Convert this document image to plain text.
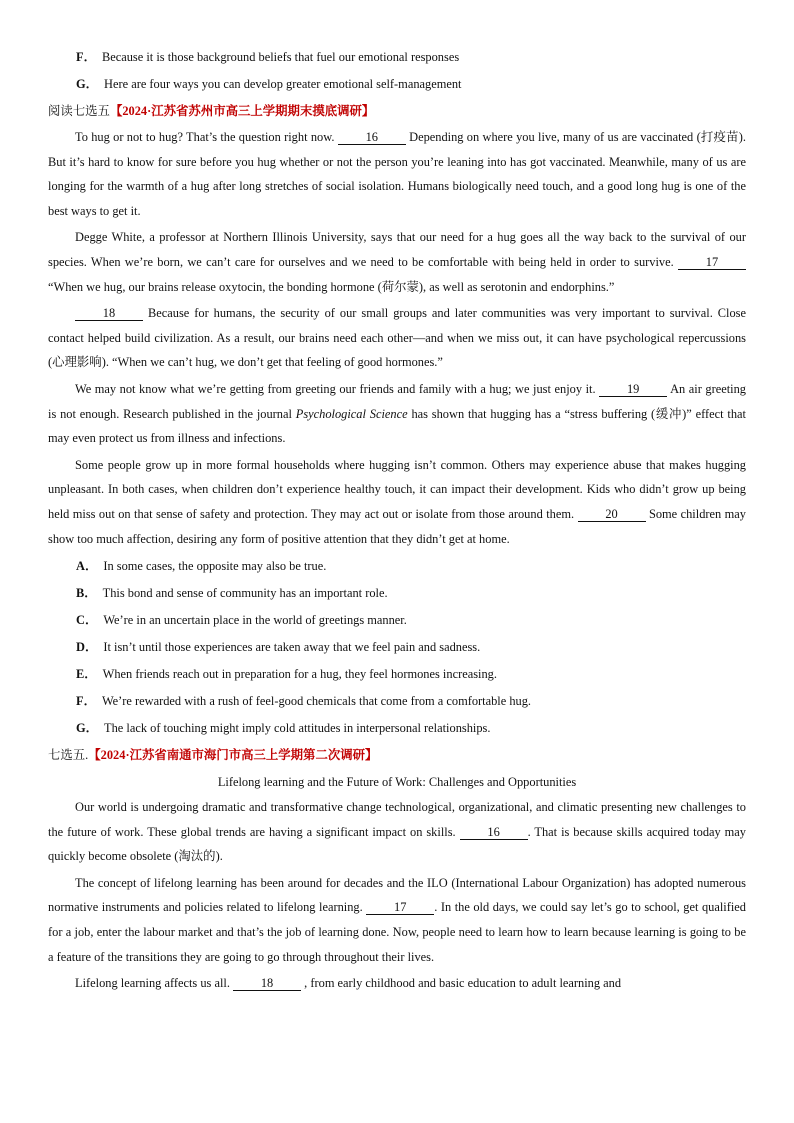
F． Because it is those background beliefs that fuel our emotional responses
G． Here are four ways you can develop greater emotional self-management
阅读七选五【2024·江苏省苏州市高三上学期期末摸底调研】

To hug or not to hug? That’s the question right now.	16	Depending on where you live, many of us are vaccinated (打疫苗). But it’s hard to know for sure before you hug whether or not the person you’re leaning into has got vaccinated. Meanwhile, many of us are longing for the warmth of a hug after long stretches of social isolation. Humans biologically need touch, and a good long hug is one of the best ways to get it.

Degge White, a professor at Northern Illinois University, says that our need for a hug goes all the way back to the survival of our species. When we’re born, we can’t care for ourselves and we need to be comfortable with being held in order to survive.	17 “When we hug, our brains release oxytocin, the bonding hormone (荷尔蒙), as well as serotonin and endorphins.”

18	Because for humans, the security of our small groups and later communities was very important to survival. Close contact helped build civilization. As a result, our brains need each other—and when we miss out, it can have psychological repercussions (心理影响). “When we can’t hug, we don’t get that feeling of good hormones.”

We may not know what we’re getting from greeting our friends and family with a hug; we just enjoy it.	19 An air greeting is not enough. Research published in the journal Psychological Science has shown that hugging has a “stress buffering (缓冲)” effect that may even protect us from illness and infections.

Some people grow up in more formal households where hugging isn’t common. Others may experience abuse that makes hugging unpleasant. In both cases, when children don’t experience healthy touch, it can impact their development. Kids who didn’t grow up being held miss out on that sense of safety and protection. They may act out or isolate from those around them.	20	Some children may show too much affection, desiring any form of positive attention that they didn’t get at home.

A． In some cases, the opposite may also be true.
B． This bond and sense of community has an important role.
C． We’re in an uncertain place in the world of greetings manner.
D． It isn’t until those experiences are taken away that we feel pain and sadness.
E． When friends reach out in preparation for a hug, they feel hormones increasing.
F． We’re rewarded with a rush of feel-good chemicals that come from a comfortable hug.
G． The lack of touching might imply cold attitudes in interpersonal relationships.
七选五.【2024·江苏省南通市海门市高三上学期第二次调研】
Lifelong learning and the Future of Work: Challenges and Opportunities

Our world is undergoing dramatic and transformative change technological, organizational, and climatic presenting new challenges to the future of work. These global trends are having a significant impact on skills.	16 . That is because skills acquired today may quickly become obsolete (淘汰的).

The concept of lifelong learning has been around for decades and the ILO (International Labour Organization) has adopted numerous normative instruments and policies related to lifelong learning.	17 . In the old days, we could say let’s go to school, get qualified for a job, enter the labour market and that’s the job of learning done. Now, people need to learn how to learn because learning is going to be a feature of the transitions they are going to go through throughout their lives.

Lifelong learning affects us all. 18 , from early childhood and basic education to adult learning and
